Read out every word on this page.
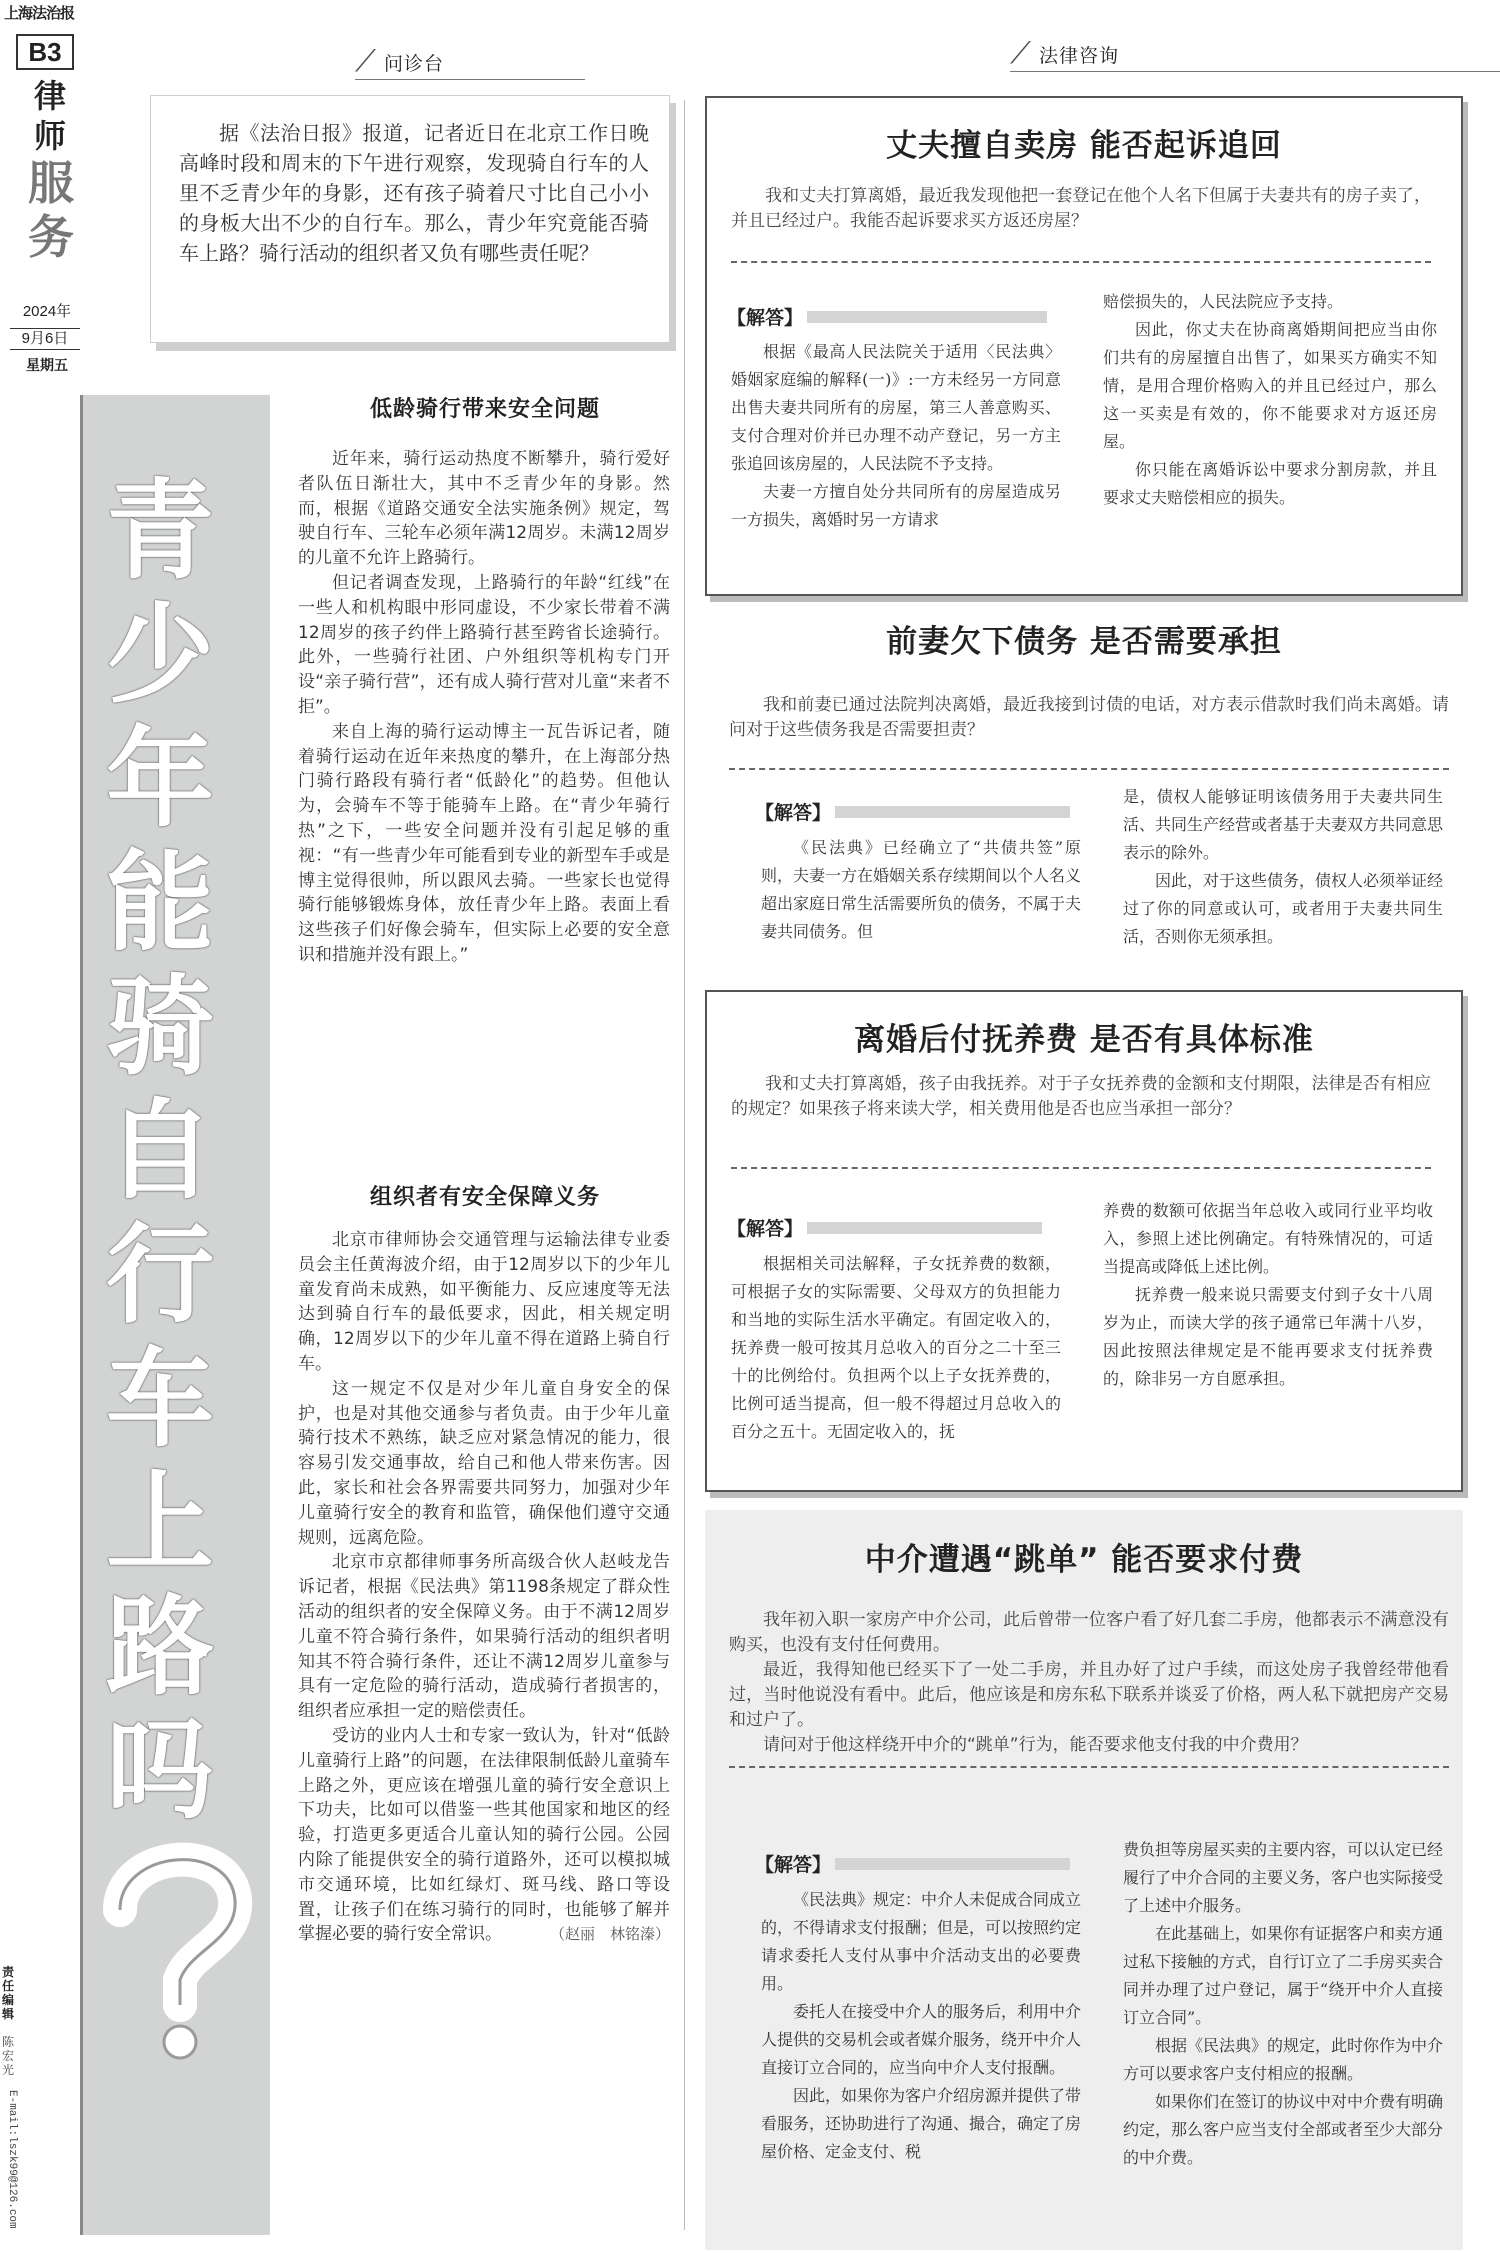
上海法治报
B3
律师
服务
2024年
9月6日
星期五
青少年能骑自行车上路吗
责任编辑
陈宏光
E-mail:lszk99@126.com
⟋ 问诊台	⟋ 法律咨询
据《法治日报》报道，记者近日在北京工作日晚高峰时段和周末的下午进行观察，发现骑自行车的人里不乏青少年的身影，还有孩子骑着尺寸比自己小小的身板大出不少的自行车。那么，青少年究竟能否骑车上路？骑行活动的组织者又负有哪些责任呢？
低龄骑行带来安全问题

近年来，骑行运动热度不断攀升，骑行爱好者队伍日渐壮大，其中不乏青少年的身影。然而，根据《道路交通安全法实施条例》规定，驾驶自行车、三轮车必须年满12周岁。未满12周岁的儿童不允许上路骑行。

但记者调查发现，上路骑行的年龄“红线”在一些人和机构眼中形同虚设，不少家长带着不满12周岁的孩子约伴上路骑行甚至跨省长途骑行。此外，一些骑行社团、户外组织等机构专门开设“亲子骑行营”，还有成人骑行营对儿童“来者不拒”。

来自上海的骑行运动博主一瓦告诉记者，随着骑行运动在近年来热度的攀升，在上海部分热门骑行路段有骑行者“低龄化”的趋势。但他认为，会骑车不等于能骑车上路。在“青少年骑行热”之下，一些安全问题并没有引起足够的重视：“有一些青少年可能看到专业的新型车手或是博主觉得很帅，所以跟风去骑。一些家长也觉得骑行能够锻炼身体，放任青少年上路。表面上看这些孩子们好像会骑车，但实际上必要的安全意识和措施并没有跟上。”

组织者有安全保障义务

北京市律师协会交通管理与运输法律专业委员会主任黄海波介绍，由于12周岁以下的少年儿童发育尚未成熟，如平衡能力、反应速度等无法达到骑自行车的最低要求，因此，相关规定明确，12周岁以下的少年儿童不得在道路上骑自行车。

这一规定不仅是对少年儿童自身安全的保护，也是对其他交通参与者负责。由于少年儿童骑行技术不熟练，缺乏应对紧急情况的能力，很容易引发交通事故，给自己和他人带来伤害。因此，家长和社会各界需要共同努力，加强对少年儿童骑行安全的教育和监管，确保他们遵守交通规则，远离危险。

北京市京都律师事务所高级合伙人赵岐龙告诉记者，根据《民法典》第1198条规定了群众性活动的组织者的安全保障义务。由于不满12周岁儿童不符合骑行条件，如果骑行活动的组织者明知其不符合骑行条件，还让不满12周岁儿童参与具有一定危险的骑行活动，造成骑行者损害的，组织者应承担一定的赔偿责任。

受访的业内人士和专家一致认为，针对“低龄儿童骑行上路”的问题，在法律限制低龄儿童骑车上路之外，更应该在增强儿童的骑行安全意识上下功夫，比如可以借鉴一些其他国家和地区的经验，打造更多更适合儿童认知的骑行公园。公园内除了能提供安全的骑行道路外，还可以模拟城市交通环境，比如红绿灯、斑马线、路口等设置，让孩子们在练习骑行的同时，也能够了解并掌握必要的骑行安全常识。	（赵丽　林铭溱）

丈夫擅自卖房 能否起诉追回

我和丈夫打算离婚，最近我发现他把一套登记在他个人名下但属于夫妻共有的房子卖了，并且已经过户。我能否起诉要求买方返还房屋？

【解答】

根据《最高人民法院关于适用〈民法典〉婚姻家庭编的解释(一)》:一方未经另一方同意出售夫妻共同所有的房屋，第三人善意购买、支付合理对价并已办理不动产登记，另一方主张追回该房屋的，人民法院不予支持。

夫妻一方擅自处分共同所有的房屋造成另一方损失，离婚时另一方请求

赔偿损失的，人民法院应予支持。

因此，你丈夫在协商离婚期间把应当由你们共有的房屋擅自出售了，如果买方确实不知情，是用合理价格购入的并且已经过户，那么这一买卖是有效的，你不能要求对方返还房屋。

你只能在离婚诉讼中要求分割房款，并且要求丈夫赔偿相应的损失。

前妻欠下债务 是否需要承担

我和前妻已通过法院判决离婚，最近我接到讨债的电话，对方表示借款时我们尚未离婚。请问对于这些债务我是否需要担责？

【解答】

《民法典》已经确立了“共债共签”原则，夫妻一方在婚姻关系存续期间以个人名义超出家庭日常生活需要所负的债务，不属于夫妻共同债务。但

是，债权人能够证明该债务用于夫妻共同生活、共同生产经营或者基于夫妻双方共同意思表示的除外。

因此，对于这些债务，债权人必须举证经过了你的同意或认可，或者用于夫妻共同生活，否则你无须承担。

离婚后付抚养费 是否有具体标准

我和丈夫打算离婚，孩子由我抚养。对于子女抚养费的金额和支付期限，法律是否有相应的规定？如果孩子将来读大学，相关费用他是否也应当承担一部分？

【解答】

根据相关司法解释，子女抚养费的数额，可根据子女的实际需要、父母双方的负担能力和当地的实际生活水平确定。有固定收入的，抚养费一般可按其月总收入的百分之二十至三十的比例给付。负担两个以上子女抚养费的，比例可适当提高，但一般不得超过月总收入的百分之五十。无固定收入的，抚

养费的数额可依据当年总收入或同行业平均收入，参照上述比例确定。有特殊情况的，可适当提高或降低上述比例。

抚养费一般来说只需要支付到子女十八周岁为止，而读大学的孩子通常已年满十八岁，因此按照法律规定是不能再要求支付抚养费的，除非另一方自愿承担。

中介遭遇“跳单” 能否要求付费

我年初入职一家房产中介公司，此后曾带一位客户看了好几套二手房，他都表示不满意没有购买，也没有支付任何费用。

最近，我得知他已经买下了一处二手房，并且办好了过户手续，而这处房子我曾经带他看过，当时他说没有看中。此后，他应该是和房东私下联系并谈妥了价格，两人私下就把房产交易和过户了。

请问对于他这样绕开中介的“跳单”行为，能否要求他支付我的中介费用？

【解答】

《民法典》规定：中介人未促成合同成立的，不得请求支付报酬；但是，可以按照约定请求委托人支付从事中介活动支出的必要费用。

委托人在接受中介人的服务后，利用中介人提供的交易机会或者媒介服务，绕开中介人直接订立合同的，应当向中介人支付报酬。

因此，如果你为客户介绍房源并提供了带看服务，还协助进行了沟通、撮合，确定了房屋价格、定金支付、税

费负担等房屋买卖的主要内容，可以认定已经履行了中介合同的主要义务，客户也实际接受了上述中介服务。

在此基础上，如果你有证据客户和卖方通过私下接触的方式，自行订立了二手房买卖合同并办理了过户登记，属于“绕开中介人直接订立合同”。

根据《民法典》的规定，此时你作为中介方可以要求客户支付相应的报酬。

如果你们在签订的协议中对中介费有明确约定，那么客户应当支付全部或者至少大部分的中介费。
